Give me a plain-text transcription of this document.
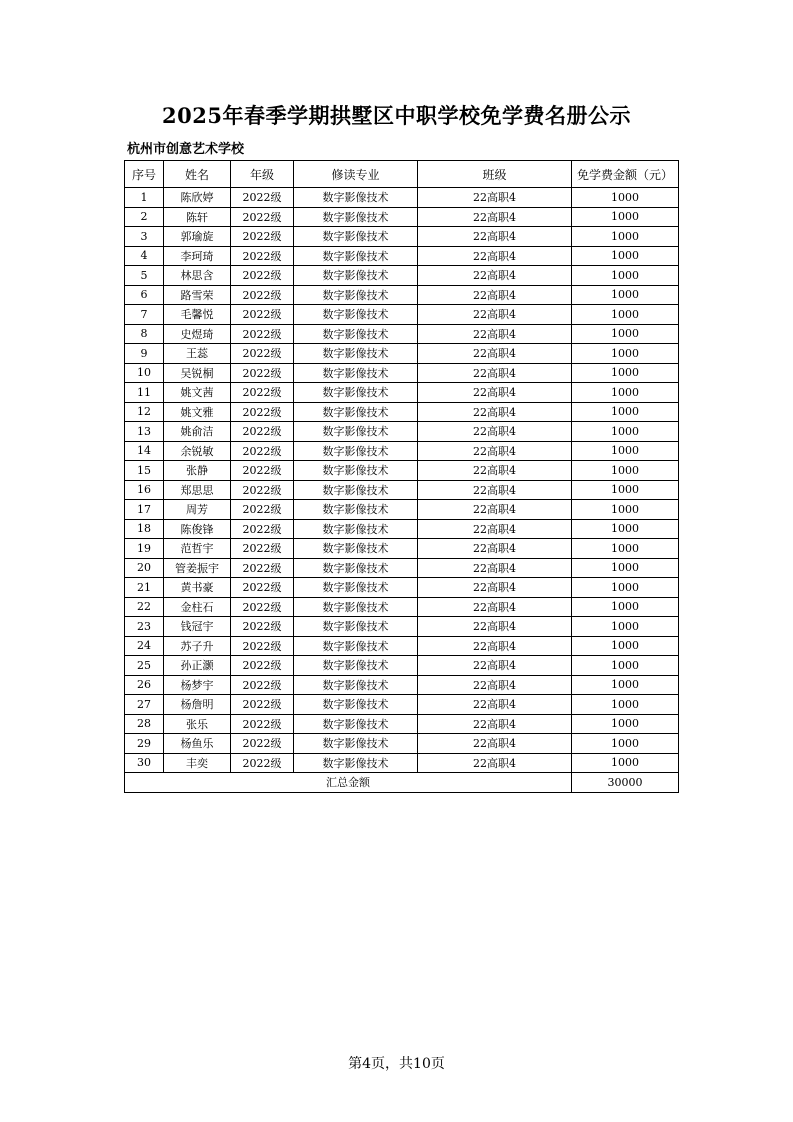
2025年春季学期拱墅区中职学校免学费名册公示
杭州市创意艺术学校
序号	姓名	年级	修读专业	班级	免学费金额（元）
1	陈欣婷	2022级	数字影像技术	22高职4	1000
2	陈轩	2022级	数字影像技术	22高职4	1000
3	郭瑜旋	2022级	数字影像技术	22高职4	1000
4	李珂琦	2022级	数字影像技术	22高职4	1000
5	林思含	2022级	数字影像技术	22高职4	1000
6	路雪荣	2022级	数字影像技术	22高职4	1000
7	毛馨悦	2022级	数字影像技术	22高职4	1000
8	史煜琦	2022级	数字影像技术	22高职4	1000
9	王蕊	2022级	数字影像技术	22高职4	1000
10	吴锐桐	2022级	数字影像技术	22高职4	1000
11	姚文茜	2022级	数字影像技术	22高职4	1000
12	姚文雅	2022级	数字影像技术	22高职4	1000
13	姚俞洁	2022级	数字影像技术	22高职4	1000
14	余锐敏	2022级	数字影像技术	22高职4	1000
15	张静	2022级	数字影像技术	22高职4	1000
16	郑思思	2022级	数字影像技术	22高职4	1000
17	周芳	2022级	数字影像技术	22高职4	1000
18	陈俊锋	2022级	数字影像技术	22高职4	1000
19	范哲宇	2022级	数字影像技术	22高职4	1000
20	管姜振宇	2022级	数字影像技术	22高职4	1000
21	黄书豪	2022级	数字影像技术	22高职4	1000
22	金柱石	2022级	数字影像技术	22高职4	1000
23	钱冠宇	2022级	数字影像技术	22高职4	1000
24	苏子升	2022级	数字影像技术	22高职4	1000
25	孙正灏	2022级	数字影像技术	22高职4	1000
26	杨梦宇	2022级	数字影像技术	22高职4	1000
27	杨詹明	2022级	数字影像技术	22高职4	1000
28	张乐	2022级	数字影像技术	22高职4	1000
29	杨鱼乐	2022级	数字影像技术	22高职4	1000
30	丰奕	2022级	数字影像技术	22高职4	1000
汇总金额					30000
第4页，共10页
